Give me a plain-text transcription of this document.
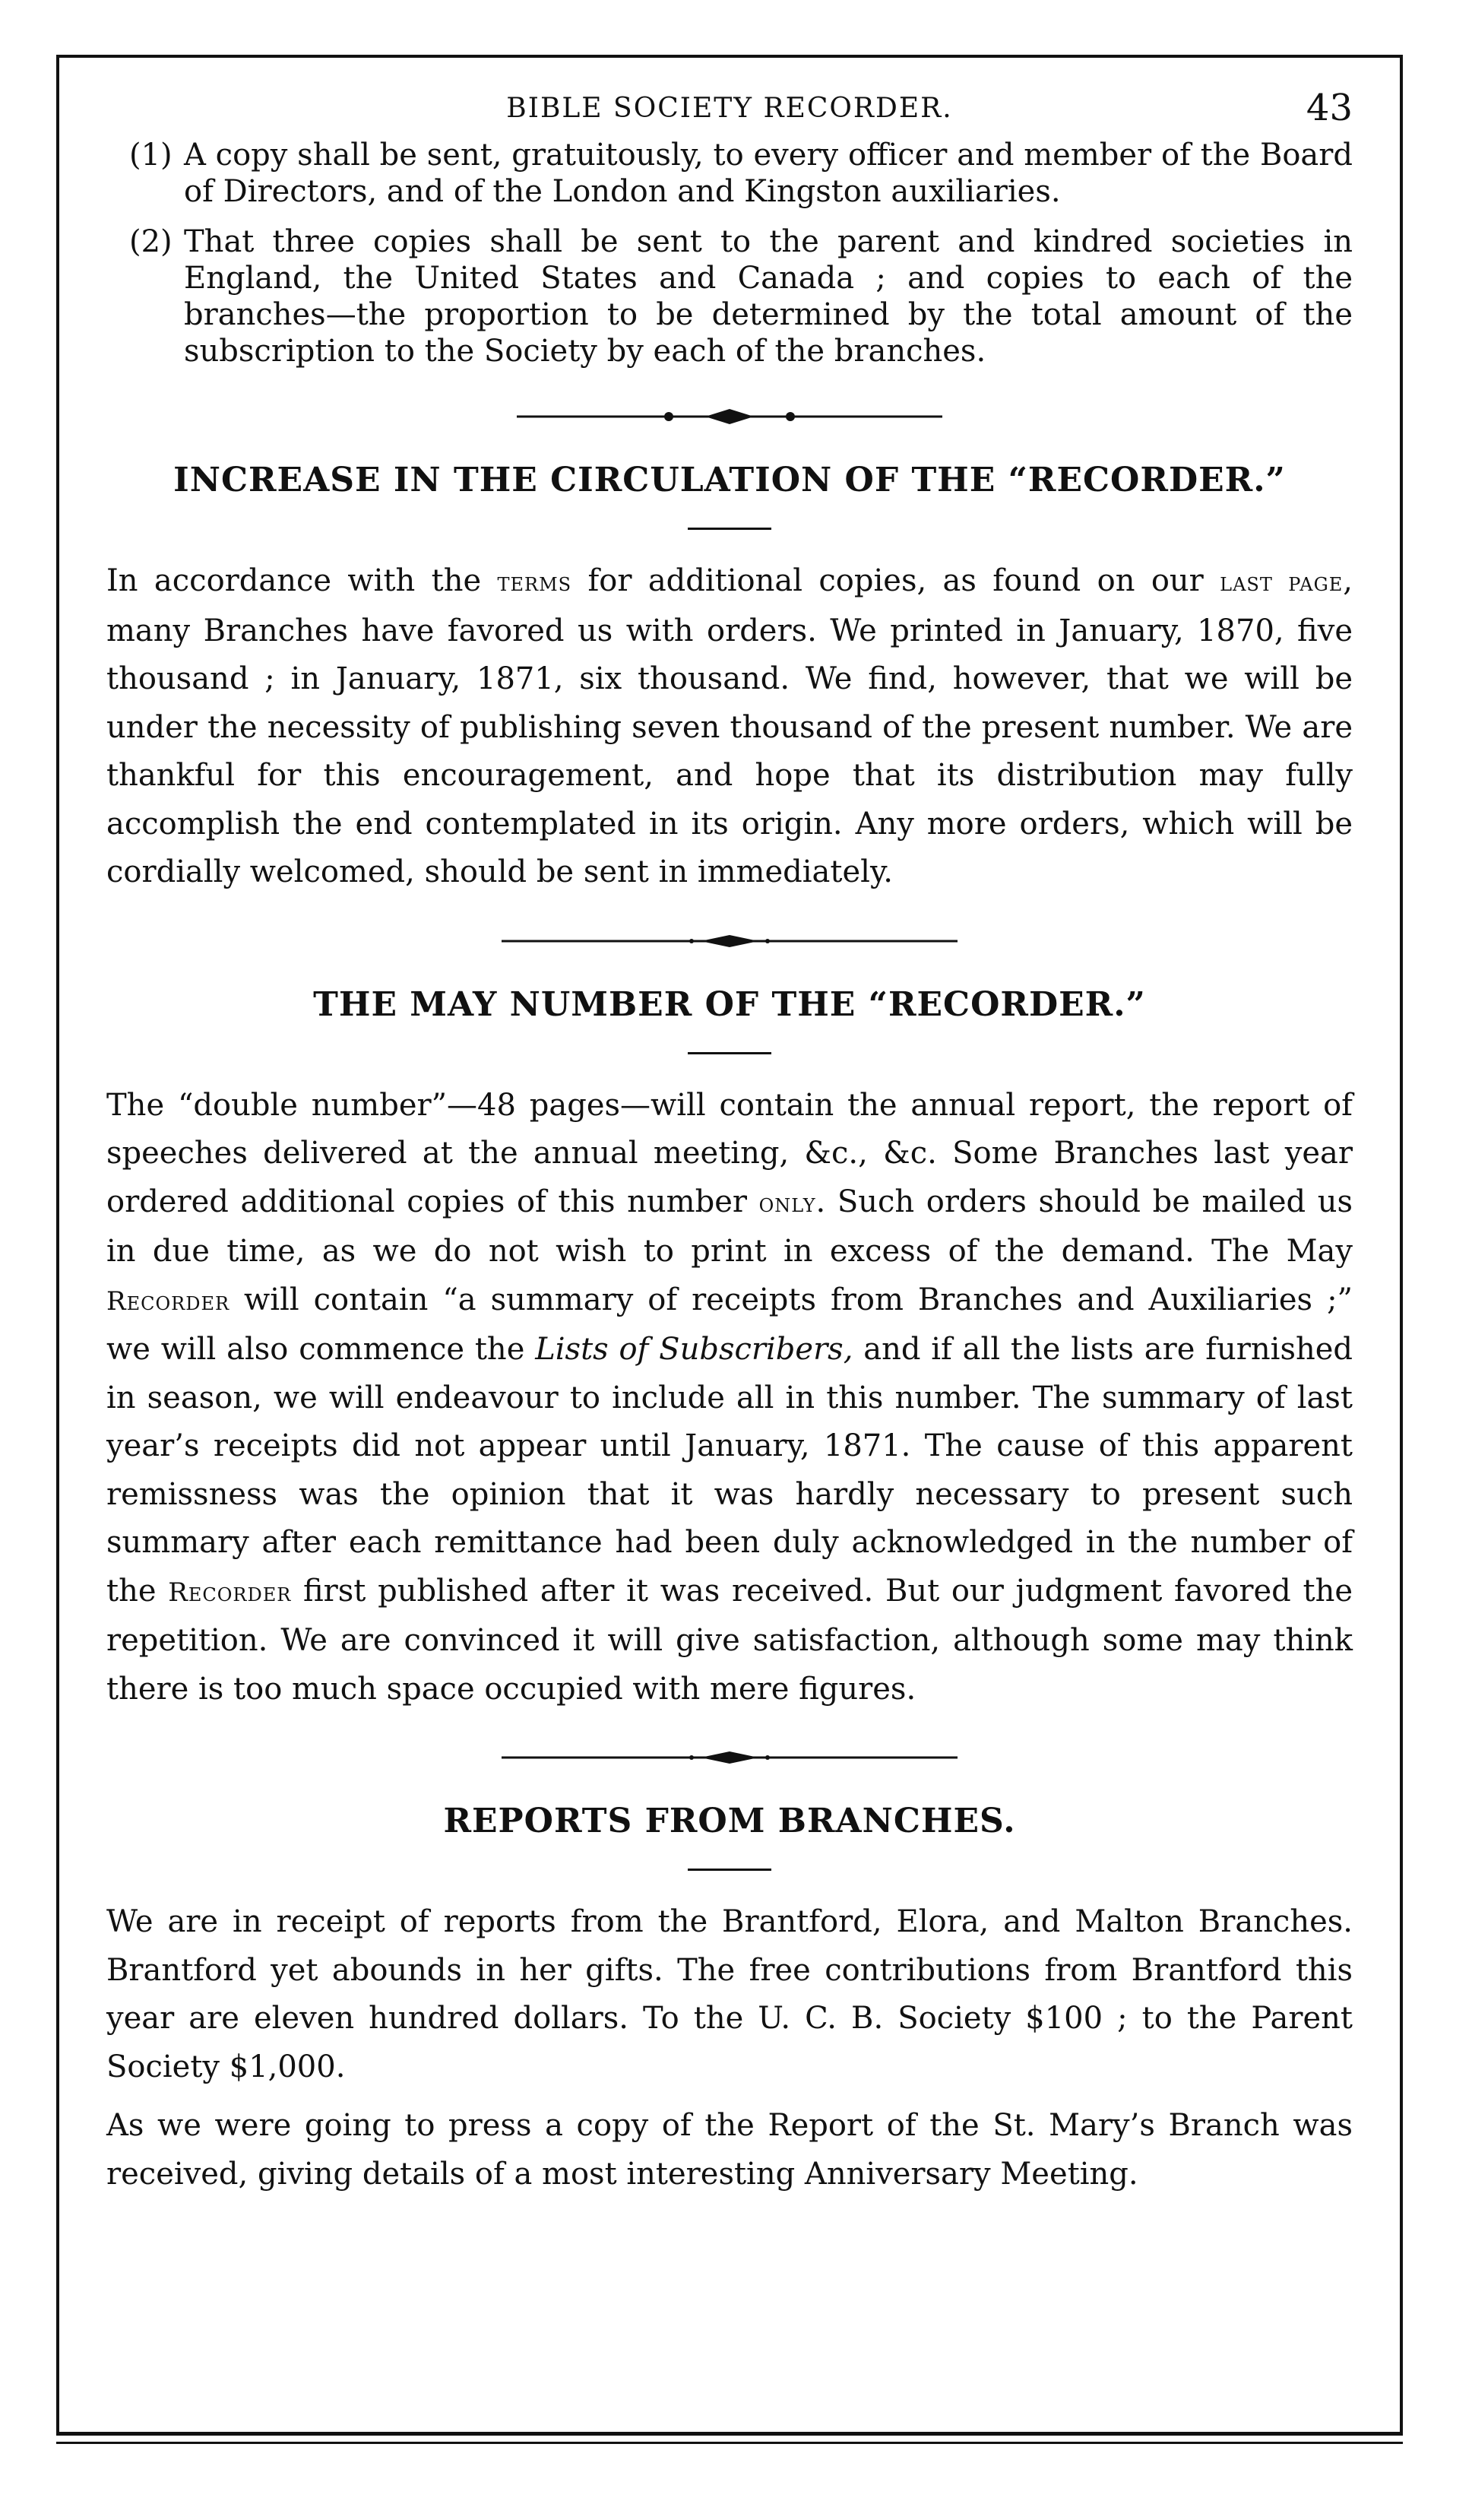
BIBLE SOCIETY RECORDER.	43
(1) A copy shall be sent, gratuitously, to every officer and member of the Board of Directors, and of the London and Kingston auxiliaries.
(2) That three copies shall be sent to the parent and kindred societies in England, the United States and Canada ; and copies to each of the branches—the proportion to be determined by the total amount of the subscription to the Society by each of the branches.
INCREASE IN THE CIRCULATION OF THE “RECORDER.”

In accordance with the terms for additional copies, as found on our last page, many Branches have favored us with orders. We printed in January, 1870, five thousand ; in January, 1871, six thousand. We find, however, that we will be under the necessity of publishing seven thousand of the present number. We are thankful for this encouragement, and hope that its distribution may fully accomplish the end contemplated in its origin. Any more orders, which will be cordially welcomed, should be sent in immediately.

THE MAY NUMBER OF THE “RECORDER.”

The “double number”—48 pages—will contain the annual report, the report of speeches delivered at the annual meeting, &c., &c. Some Branches last year ordered additional copies of this number only. Such orders should be mailed us in due time, as we do not wish to print in excess of the demand. The May Recorder will contain “a summary of receipts from Branches and Auxiliaries ;” we will also commence the Lists of Subscribers, and if all the lists are furnished in season, we will endeavour to include all in this number. The summary of last year’s receipts did not appear until January, 1871. The cause of this apparent remissness was the opinion that it was hardly necessary to present such summary after each remittance had been duly acknowledged in the number of the Recorder first published after it was received. But our judgment favored the repetition. We are convinced it will give satisfaction, although some may think there is too much space occupied with mere figures.

REPORTS FROM BRANCHES.

We are in receipt of reports from the Brantford, Elora, and Malton Branches. Brantford yet abounds in her gifts. The free contributions from Brantford this year are eleven hundred dollars. To the U. C. B. Society $100 ; to the Parent Society $1,000.

As we were going to press a copy of the Report of the St. Mary’s Branch was received, giving details of a most interesting Anniversary Meeting.
